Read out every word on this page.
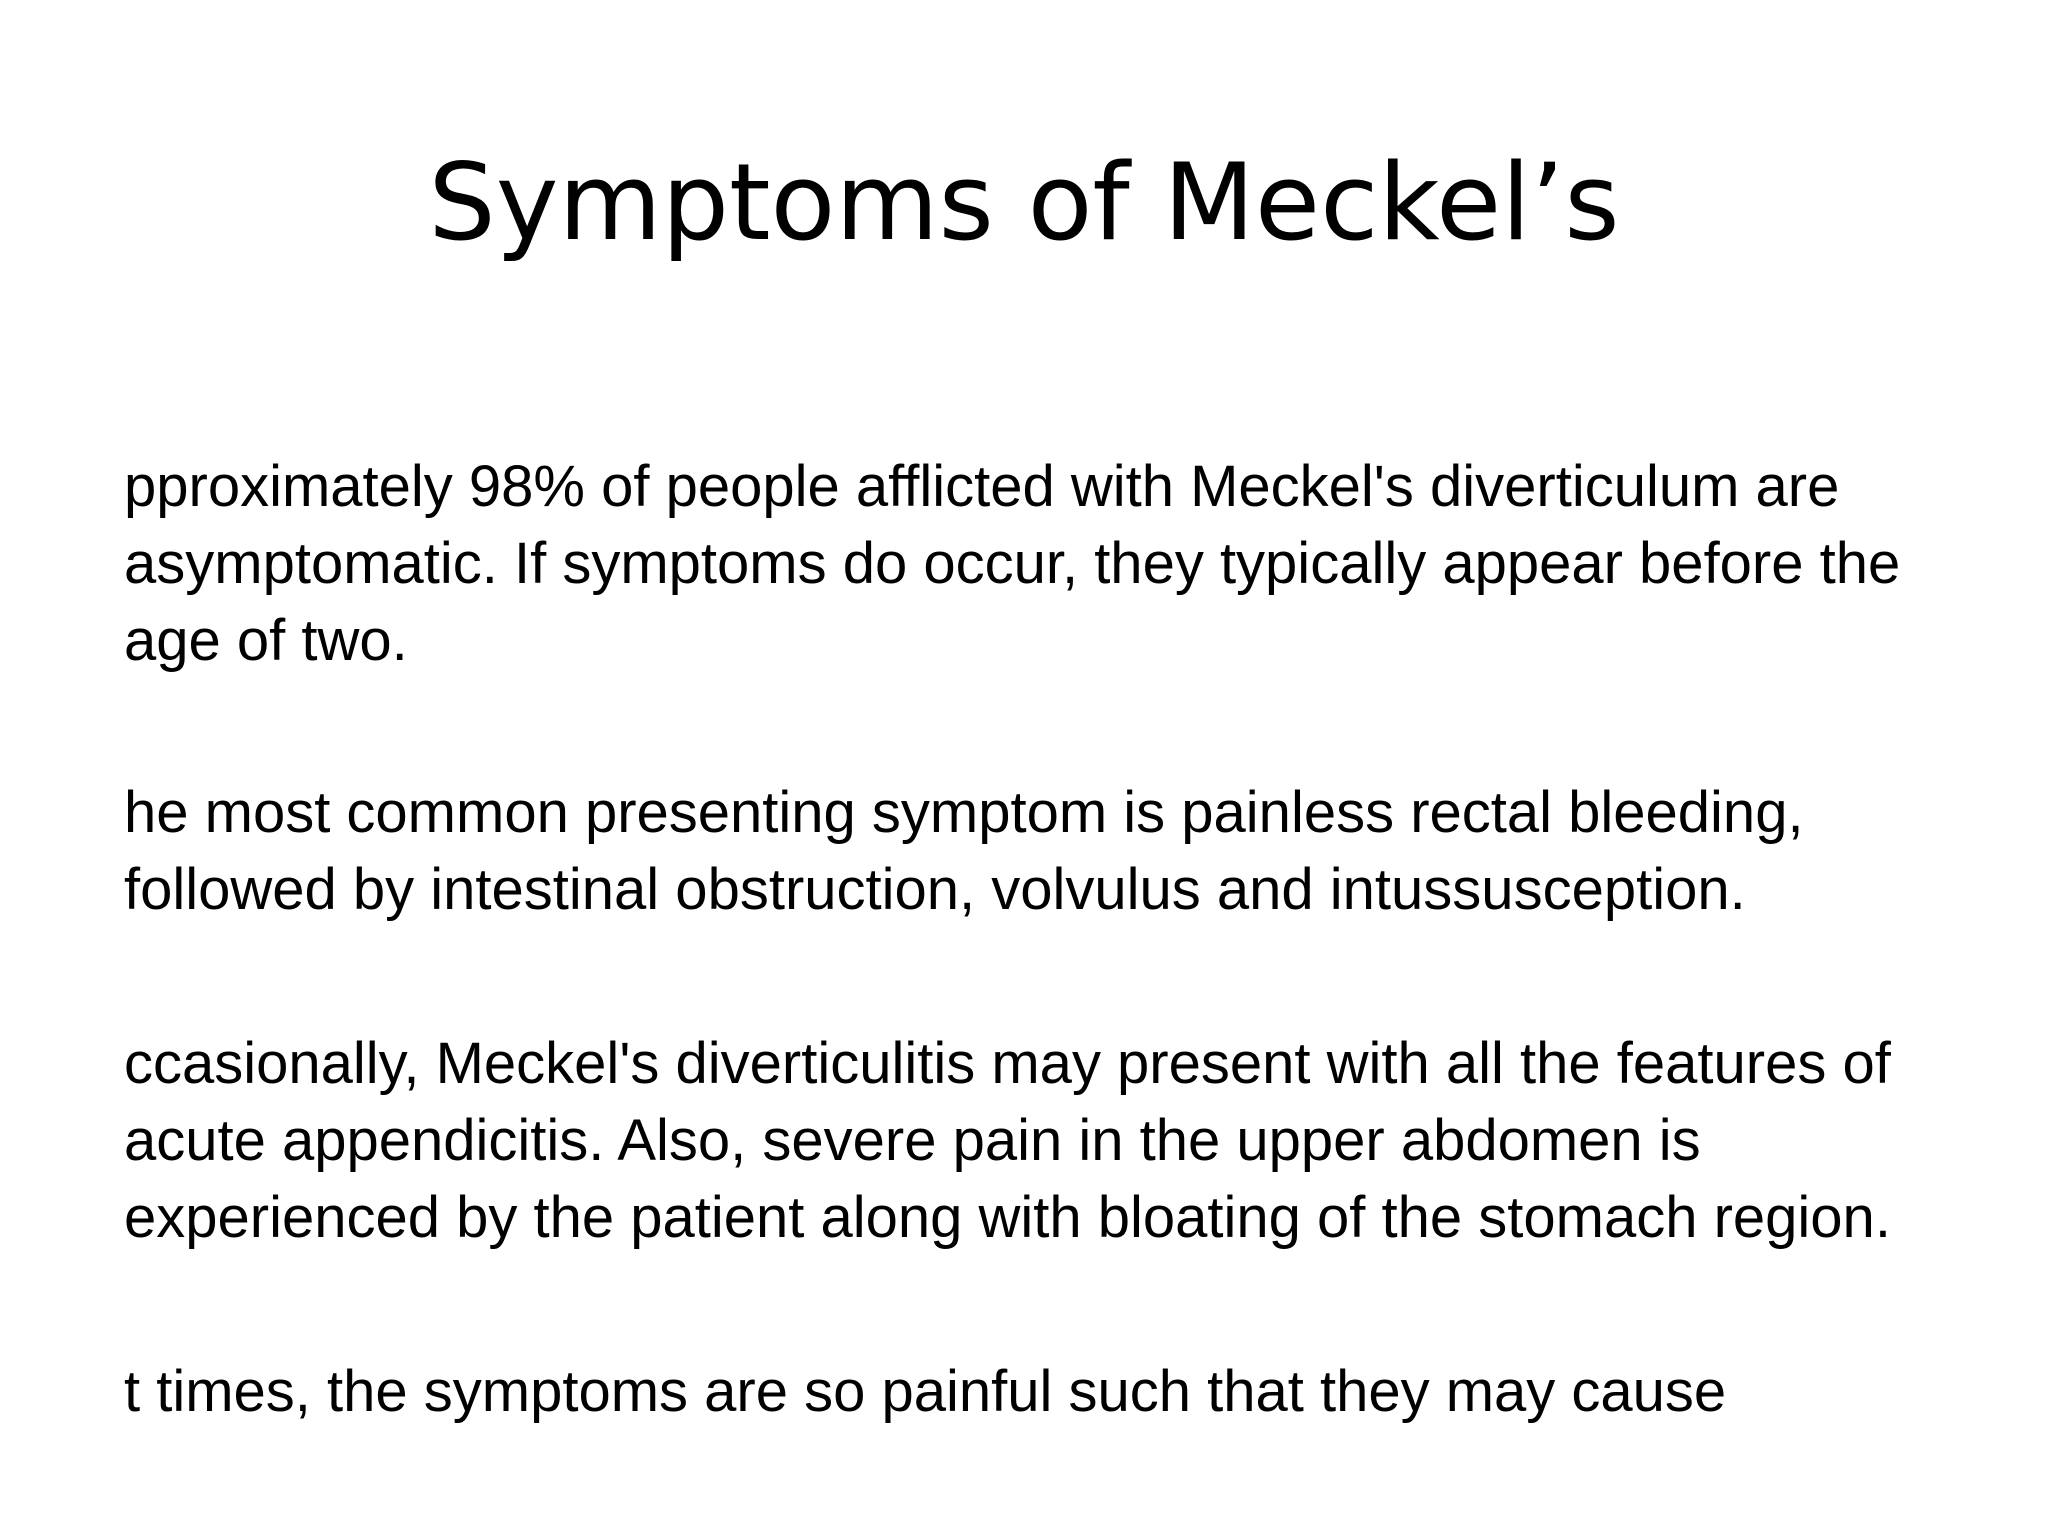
Symptoms of Meckel’s

pproximately 98% of people afflicted with Meckel's diverticulum are asymptomatic. If symptoms do occur, they typically appear before the age of two.

he most common presenting symptom is painless rectal bleeding, followed by intestinal obstruction, volvulus and intussusception.

ccasionally, Meckel's diverticulitis may present with all the features of acute appendicitis. Also, severe pain in the upper abdomen is experienced by the patient along with bloating of the stomach region.

t times, the symptoms are so painful such that they may cause
